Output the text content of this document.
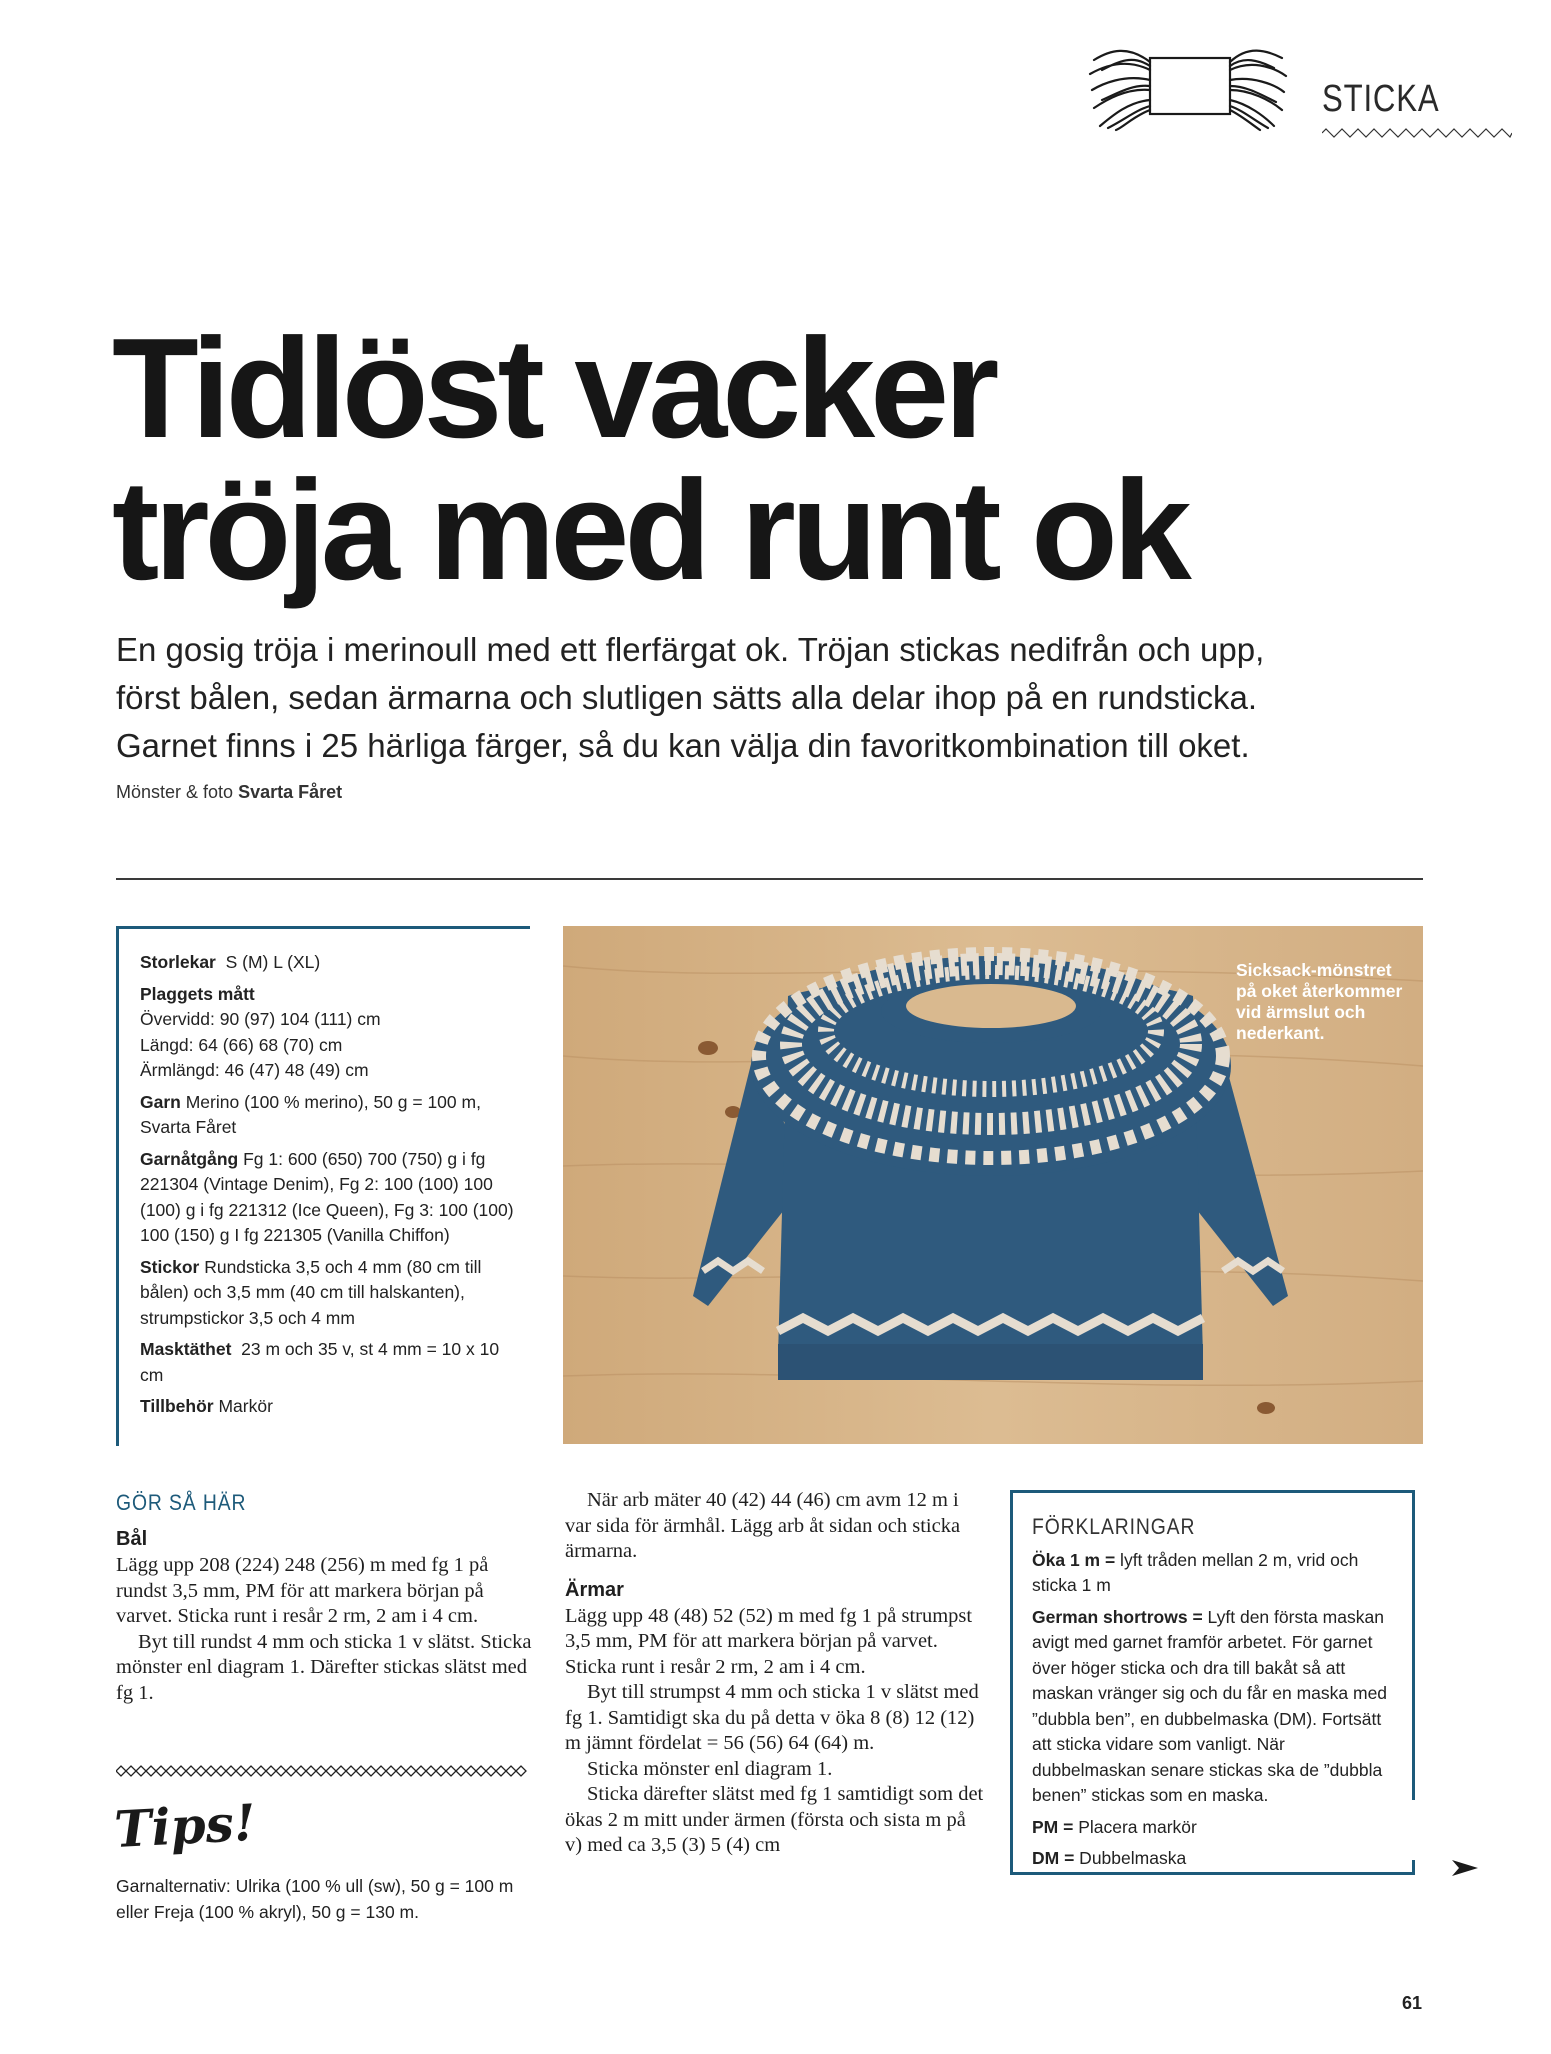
STICKA
Tidlöst vacker
tröja med runt ok
En gosig tröja i merinoull med ett flerfärgat ok. Tröjan stickas nedifrån och upp,
först bålen, sedan ärmarna och slutligen sätts alla delar ihop på en rundsticka.
Garnet finns i 25 härliga färger, så du kan välja din favoritkombination till oket.
Mönster & foto Svarta Fåret
Storlekar S (M) L (XL)
Plaggets mått
Övervidd: 90 (97) 104 (111) cm
Längd: 64 (66) 68 (70) cm
Ärmlängd: 46 (47) 48 (49) cm
Garn Merino (100 % merino), 50 g = 100 m, Svarta Fåret
Garnåtgång Fg 1: 600 (650) 700 (750) g i fg 221304 (Vintage Denim), Fg 2: 100 (100) 100 (100) g i fg 221312 (Ice Queen), Fg 3: 100 (100) 100 (150) g I fg 221305 (Vanilla Chiffon)
Stickor Rundsticka 3,5 och 4 mm (80 cm till bålen) och 3,5 mm (40 cm till halskanten), strumpstickor 3,5 och 4 mm
Masktäthet 23 m och 35 v, st 4 mm = 10 x 10 cm
Tillbehör Markör
Sicksack-mönstret på oket återkommer vid ärmslut och nederkant.
GÖR SÅ HÄR
Bål

Lägg upp 208 (224) 248 (256) m med fg 1 på rundst 3,5 mm, PM för att markera början på varvet. Sticka runt i resår 2 rm, 2 am i 4 cm.

Byt till rundst 4 mm och sticka 1 v slätst. Sticka mönster enl diagram 1. Därefter stickas slätst med fg 1.

Tips!
Garnalternativ: Ulrika (100 % ull (sw), 50 g = 100 m eller Freja (100 % akryl), 50 g = 130 m.

När arb mäter 40 (42) 44 (46) cm avm 12 m i var sida för ärmhål. Lägg arb åt sidan och sticka ärmarna.

Ärmar

Lägg upp 48 (48) 52 (52) m med fg 1 på strumpst 3,5 mm, PM för att markera början på varvet. Sticka runt i resår 2 rm, 2 am i 4 cm.

Byt till strumpst 4 mm och sticka 1 v slätst med fg 1. Samtidigt ska du på detta v öka 8 (8) 12 (12) m jämnt fördelat = 56 (56) 64 (64) m.

Sticka mönster enl diagram 1.

Sticka därefter slätst med fg 1 samtidigt som det ökas 2 m mitt under ärmen (första och sista m på v) med ca 3,5 (3) 5 (4) cm

FÖRKLARINGAR
Öka 1 m = lyft tråden mellan 2 m, vrid och sticka 1 m
German shortrows = Lyft den första maskan avigt med garnet framför arbetet. För garnet över höger sticka och dra till bakåt så att maskan vränger sig och du får en maska med ”dubbla ben”, en dubbelmaska (DM). Fortsätt att sticka vidare som vanligt. När dubbelmaskan senare stickas ska de ”dubbla benen” stickas som en maska.
PM = Placera markör
DM = Dubbelmaska
61
